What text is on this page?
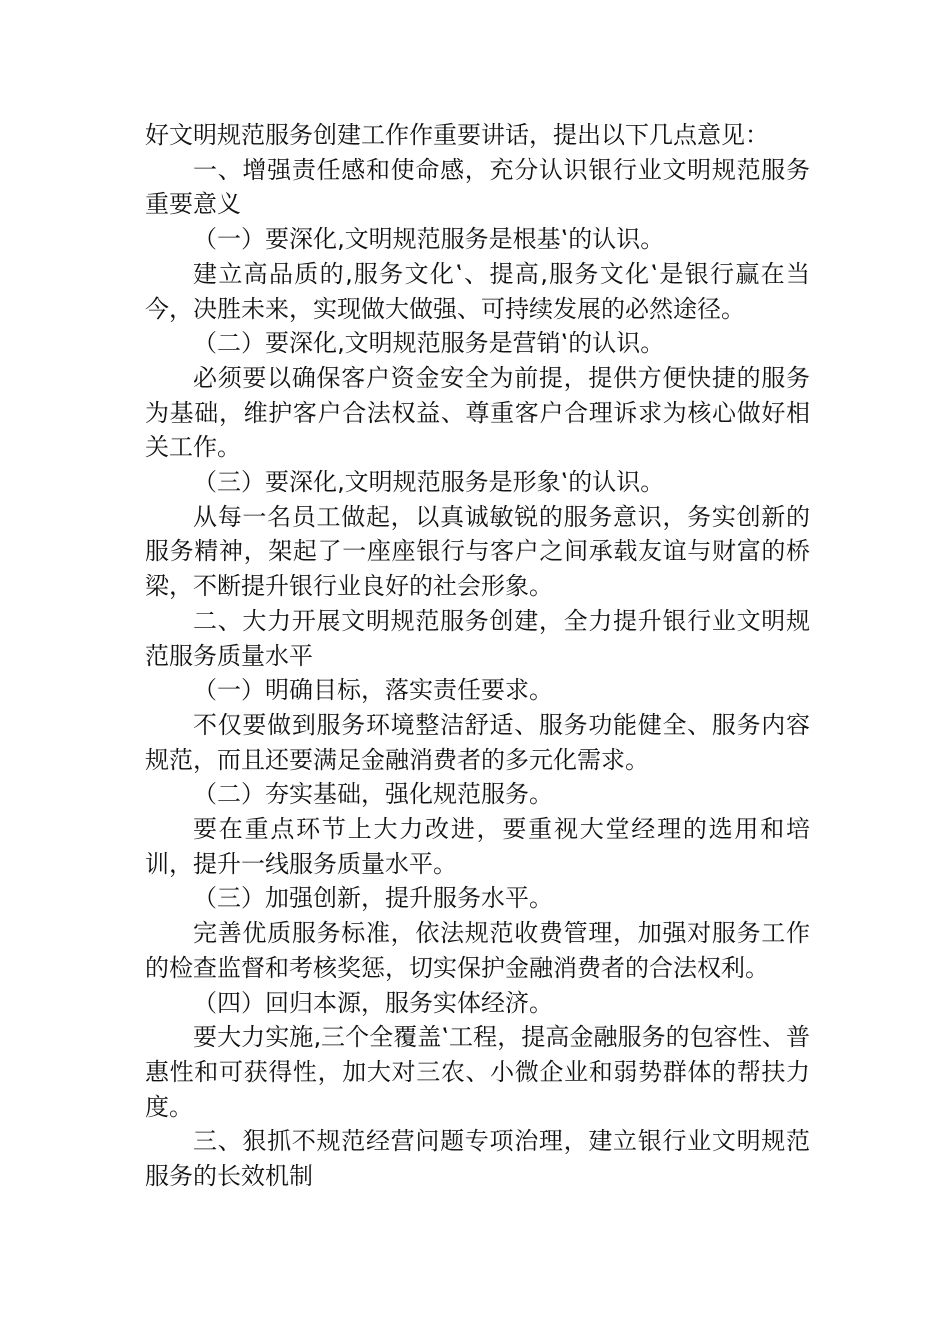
好文明规范服务创建工作作重要讲话，提出以下几点意见：

一、增强责任感和使命感，充分认识银行业文明规范服务重要意义

（一）要深化‚文明规范服务是根基‛的认识。

建立高品质的‚服务文化‛、提高‚服务文化‛是银行赢在当今，决胜未来，实现做大做强、可持续发展的必然途径。

（二）要深化‚文明规范服务是营销‛的认识。

必须要以确保客户资金安全为前提，提供方便快捷的服务为基础，维护客户合法权益、尊重客户合理诉求为核心做好相关工作。

（三）要深化‚文明规范服务是形象‛的认识。

从每一名员工做起，以真诚敏锐的服务意识，务实创新的服务精神，架起了一座座银行与客户之间承载友谊与财富的桥梁，不断提升银行业良好的社会形象。

二、大力开展文明规范服务创建，全力提升银行业文明规范服务质量水平

（一）明确目标，落实责任要求。

不仅要做到服务环境整洁舒适、服务功能健全、服务内容规范，而且还要满足金融消费者的多元化需求。

（二）夯实基础，强化规范服务。

要在重点环节上大力改进，要重视大堂经理的选用和培训，提升一线服务质量水平。

（三）加强创新，提升服务水平。

完善优质服务标准，依法规范收费管理，加强对服务工作的检查监督和考核奖惩，切实保护金融消费者的合法权利。

（四）回归本源，服务实体经济。

要大力实施‚三个全覆盖‛工程，提高金融服务的包容性、普惠性和可获得性，加大对三农、小微企业和弱势群体的帮扶力度。

三、狠抓不规范经营问题专项治理，建立银行业文明规范服务的长效机制
